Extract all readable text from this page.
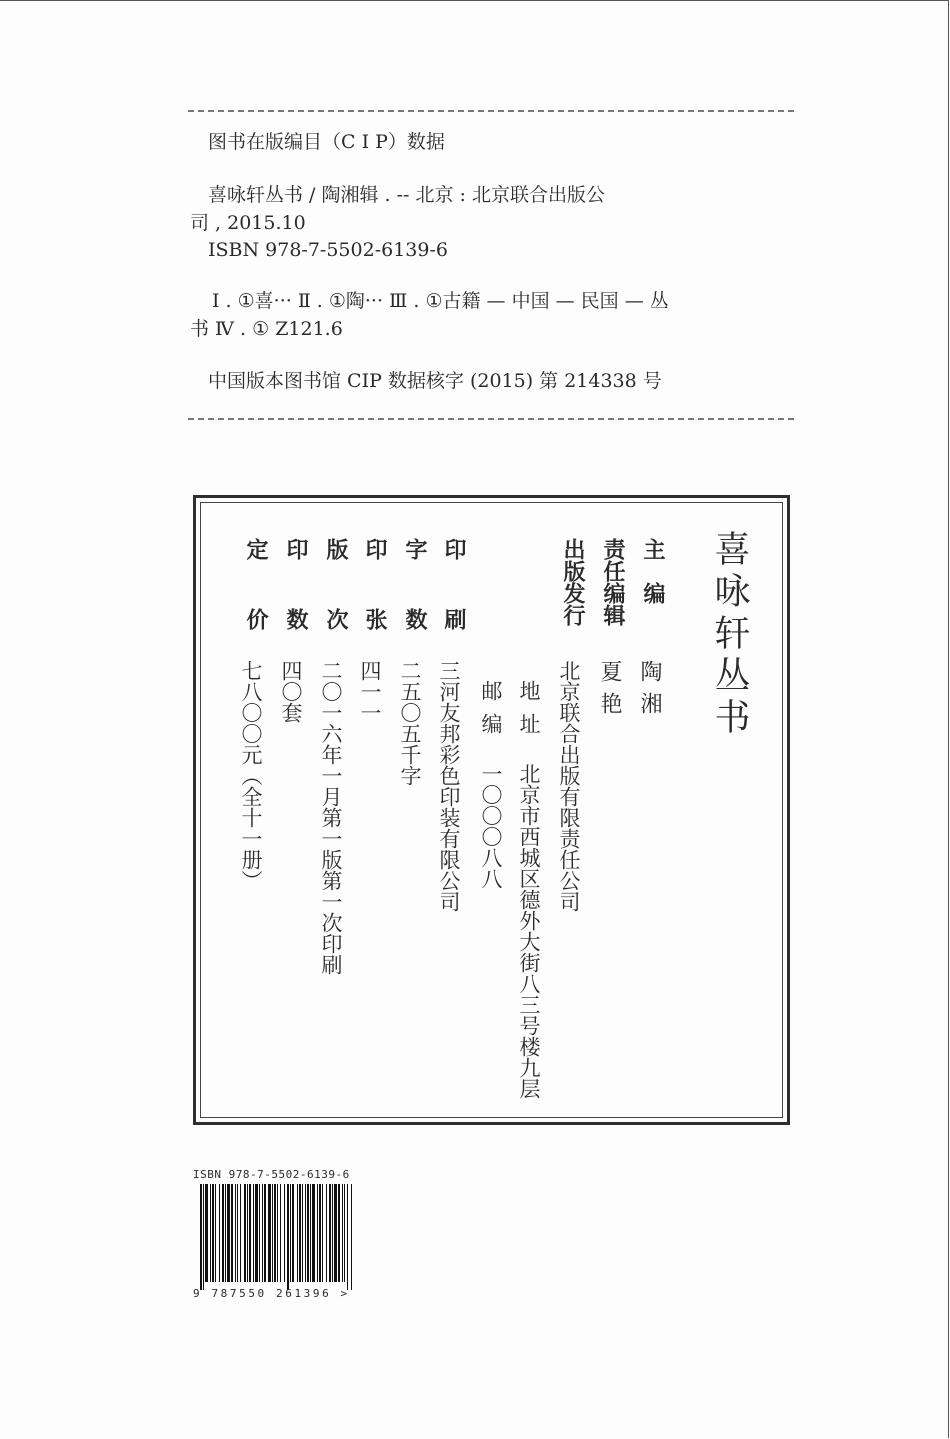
图书在版编目（C I P）数据
喜咏轩丛书 / 陶湘辑 . -- 北京 : 北京联合出版公
司 , 2015.10
ISBN 978-7-5502-6139-6
Ⅰ . ①喜··· Ⅱ . ①陶··· Ⅲ . ①古籍 — 中国 — 民国 — 丛
书 Ⅳ . ① Z121.6
中国版本图书馆 CIP 数据核字 (2015) 第 214338 号
喜咏轩丛书
主编
陶湘
责任编辑
夏艳
出版发行
北京联合出版有限责任公司
地址
北京市西城区德外大街八三号楼九层
邮编
一〇〇〇八八
印刷
三河友邦彩色印装有限公司
字数
二五〇五千字
印张
四一一
版次
二〇一六年一月第一版第一次印刷
印数
四〇套
定价
七八〇〇元（全十一册）
ISBN 978-7-5502-6139-6
9 787550 261396 >
